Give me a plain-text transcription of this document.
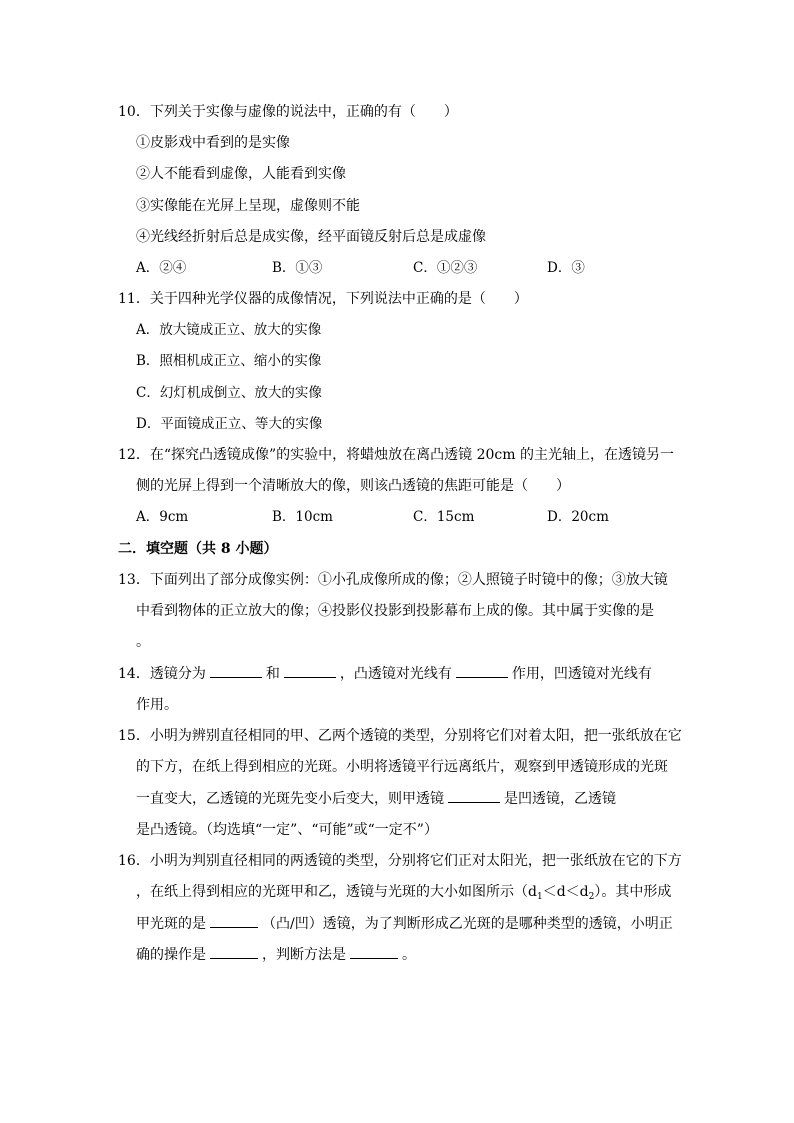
10．下列关于实像与虚像的说法中，正确的有（　　）
①皮影戏中看到的是实像
②人不能看到虚像，人能看到实像
③实像能在光屏上呈现，虚像则不能
④光线经折射后总是成实像，经平面镜反射后总是成虚像
A．②④	B．①③	C．①②③	D．③
11．关于四种光学仪器的成像情况，下列说法中正确的是（　　）
A．放大镜成正立、放大的实像
B．照相机成正立、缩小的实像
C．幻灯机成倒立、放大的实像
D．平面镜成正立、等大的实像
12．在“探究凸透镜成像”的实验中，将蜡烛放在离凸透镜 20cm 的主光轴上，在透镜另一
侧的光屏上得到一个清晰放大的像，则该凸透镜的焦距可能是（　　）
A．9cm	B．10cm	C．15cm	D．20cm
二．填空题（共 8 小题）
13．下面列出了部分成像实例：①小孔成像所成的像；②人照镜子时镜中的像；③放大镜
中看到物体的正立放大的像；④投影仪投影到投影幕布上成的像。其中属于实像的是
。
14．透镜分为	和	，凸透镜对光线有	作用，凹透镜对光线有
作用。
15．小明为辨别直径相同的甲、乙两个透镜的类型，分别将它们对着太阳，把一张纸放在它
的下方，在纸上得到相应的光斑。小明将透镜平行远离纸片，观察到甲透镜形成的光斑
一直变大，乙透镜的光斑先变小后变大，则甲透镜	是凹透镜，乙透镜
是凸透镜。（均选填“一定”、“可能”或“一定不”）
16．小明为判别直径相同的两透镜的类型，分别将它们正对太阳光，把一张纸放在它的下方
，在纸上得到相应的光斑甲和乙，透镜与光斑的大小如图所示$(d_1<d<d_2)$。其中形成
甲光斑的是	（凸/凹）透镜，为了判断形成乙光斑的是哪种类型的透镜，小明正
确的操作是	，判断方法是	。
